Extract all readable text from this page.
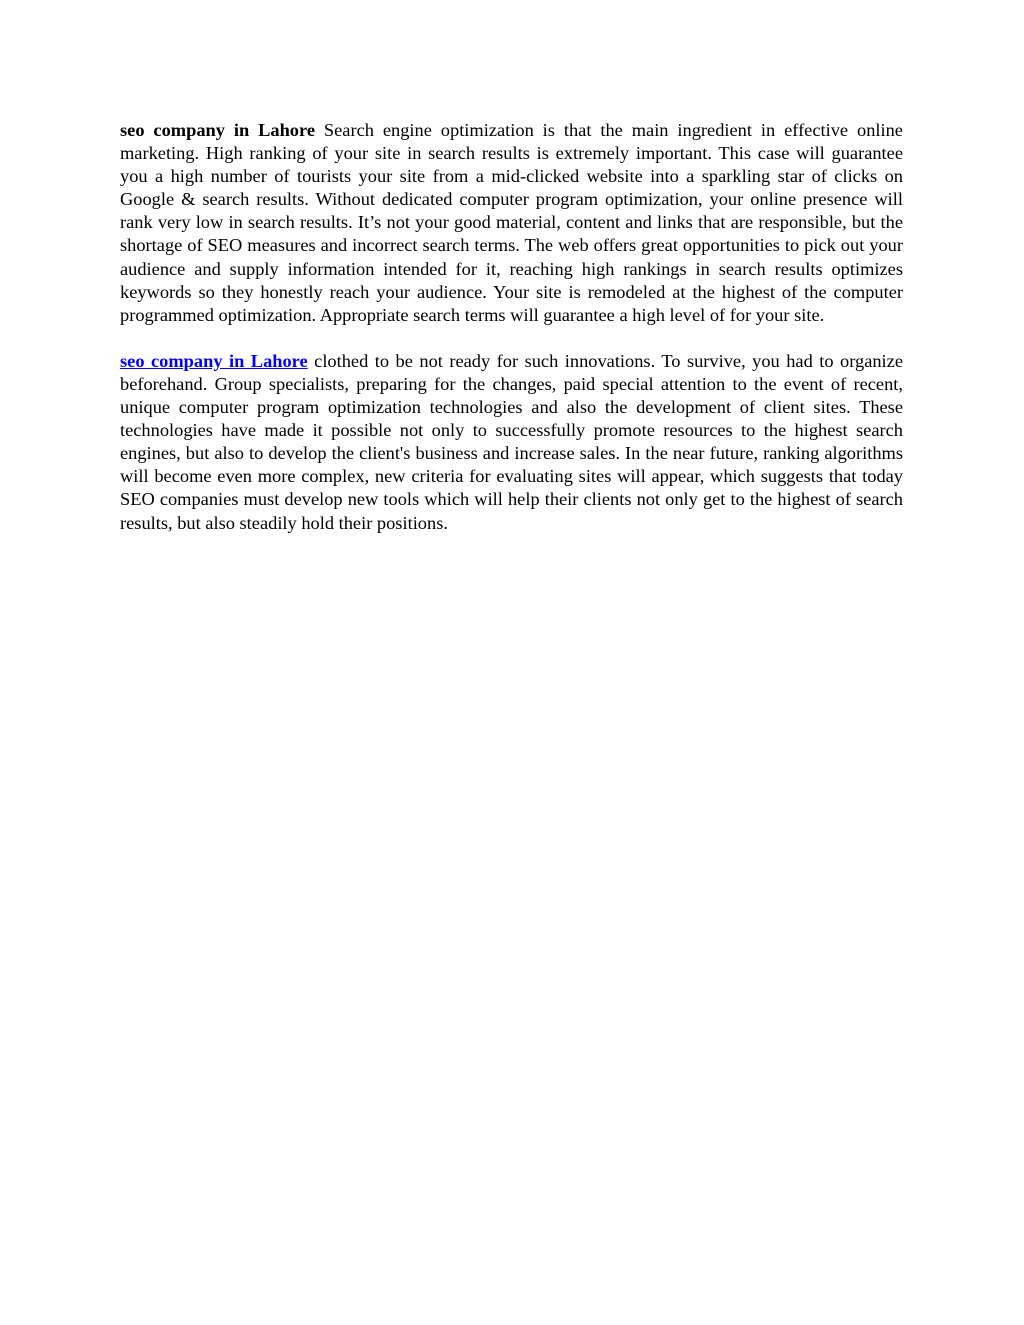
seo company in Lahore Search engine optimization is that the main ingredient in effective online marketing. High ranking of your site in search results is extremely important. This case will guarantee you a high number of tourists your site from a mid-clicked website into a sparkling star of clicks on Google & search results. Without dedicated computer program optimization, your online presence will rank very low in search results. It’s not your good material, content and links that are responsible, but the shortage of SEO measures and incorrect search terms. The web offers great opportunities to pick out your audience and supply information intended for it, reaching high rankings in search results optimizes keywords so they honestly reach your audience. Your site is remodeled at the highest of the computer programmed optimization. Appropriate search terms will guarantee a high level of for your site.

seo company in Lahore clothed to be not ready for such innovations. To survive, you had to organize beforehand. Group specialists, preparing for the changes, paid special attention to the event of recent, unique computer program optimization technologies and also the development of client sites. These technologies have made it possible not only to successfully promote resources to the highest search engines, but also to develop the client's business and increase sales. In the near future, ranking algorithms will become even more complex, new criteria for evaluating sites will appear, which suggests that today SEO companies must develop new tools which will help their clients not only get to the highest of search results, but also steadily hold their positions.
